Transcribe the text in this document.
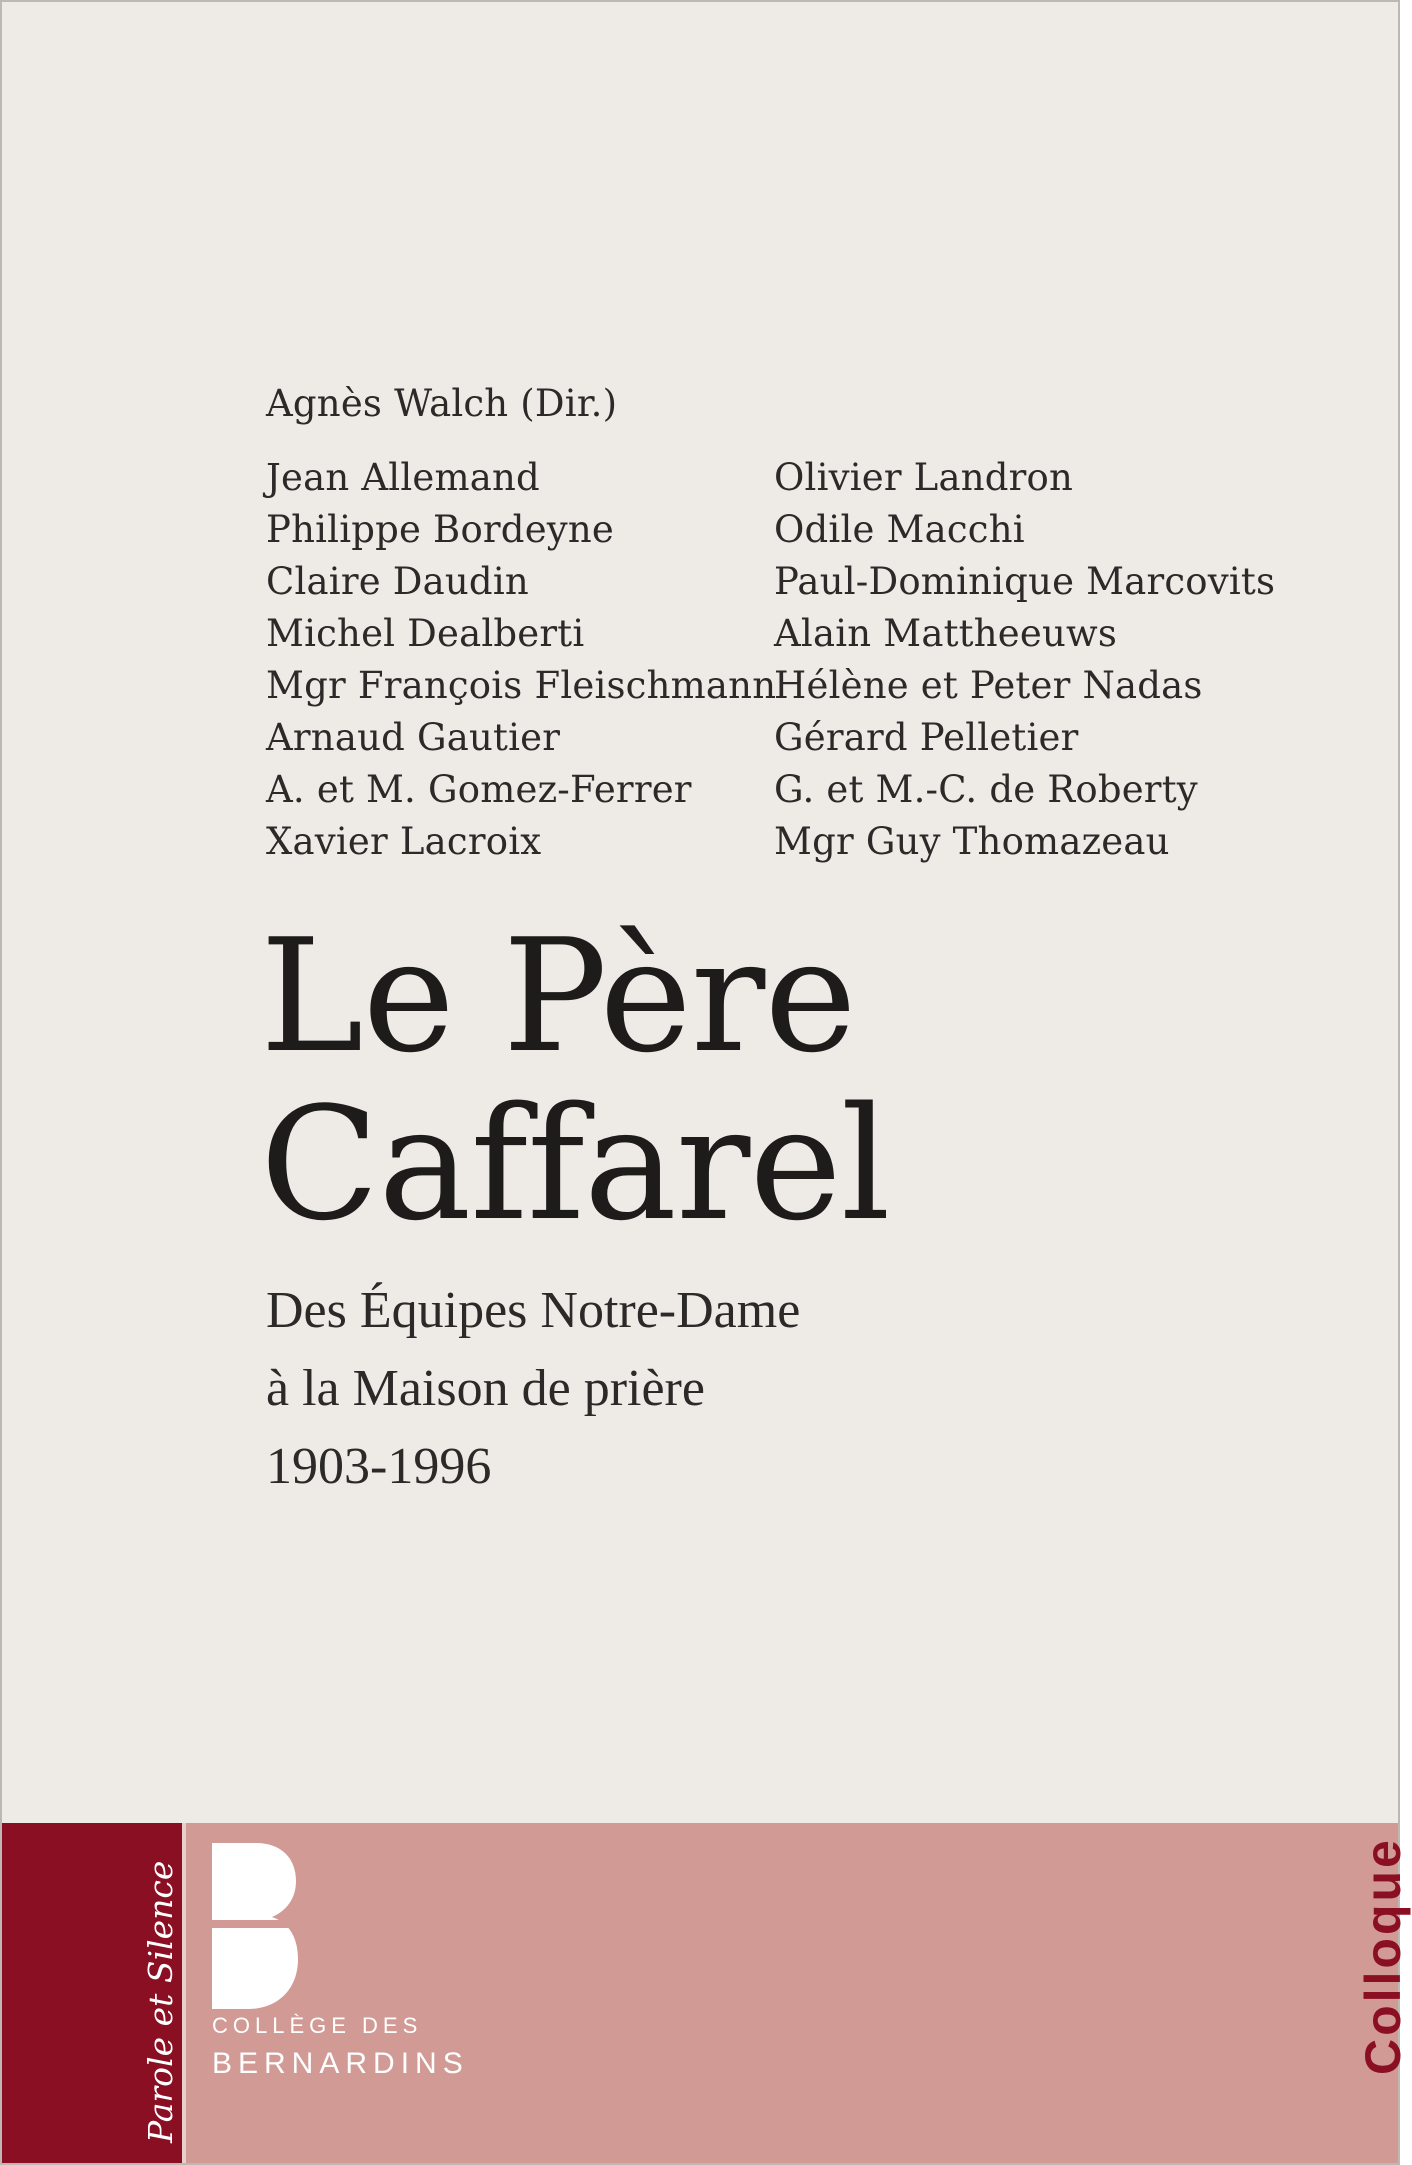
Agnès Walch (Dir.)
Jean Allemand
Philippe Bordeyne
Claire Daudin
Michel Dealberti
Mgr François Fleischmann
Arnaud Gautier
A. et M. Gomez-Ferrer
Xavier Lacroix
Olivier Landron
Odile Macchi
Paul-Dominique Marcovits
Alain Mattheeuws
Hélène et Peter Nadas
Gérard Pelletier
G. et M.-C. de Roberty
Mgr Guy Thomazeau
Le Père
Caffarel
Des Équipes Notre-Dame
à la Maison de prière
1903-1996
Parole et Silence COLLÈGE DES
BERNARDINS	Colloque
